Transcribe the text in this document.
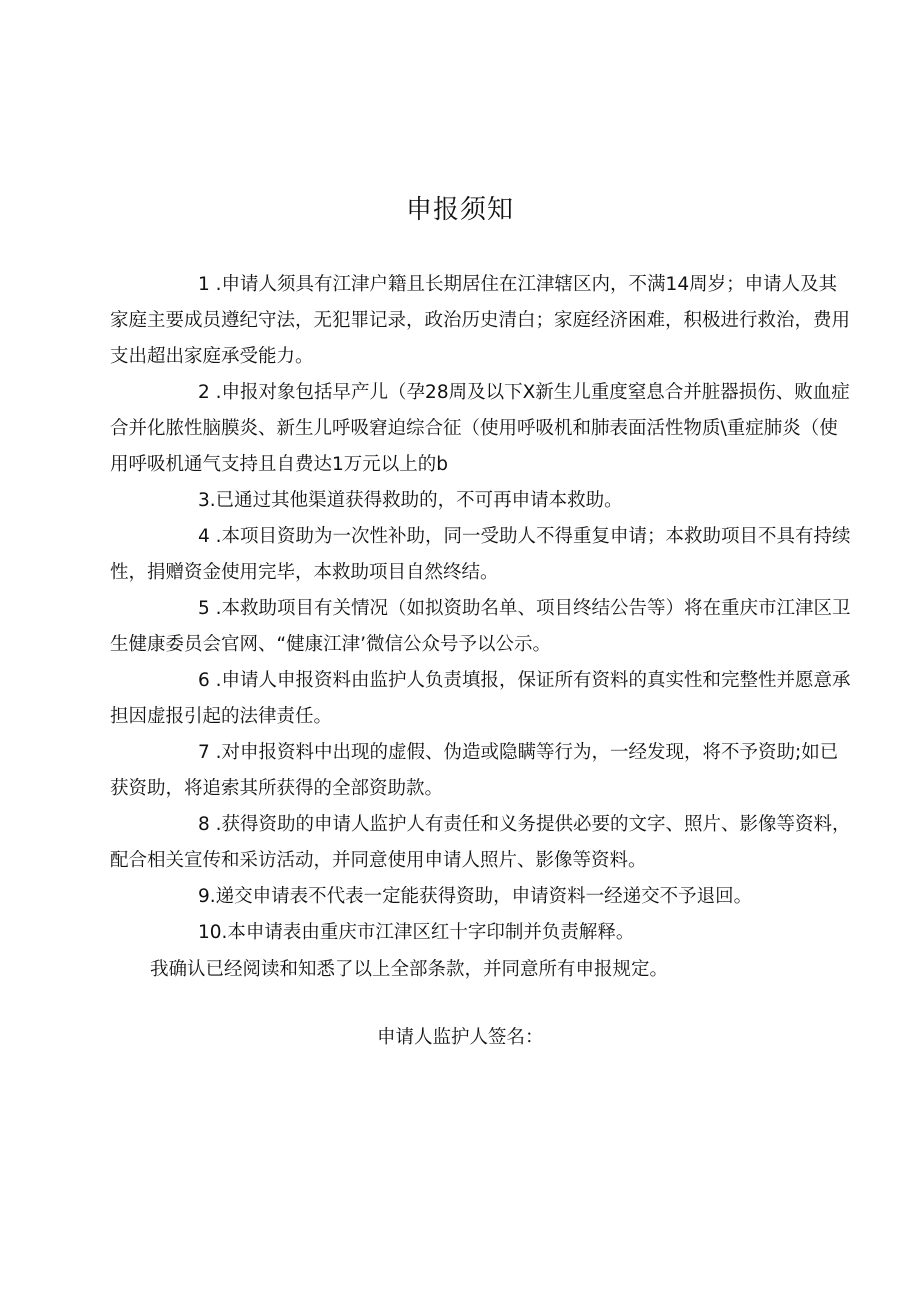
申报须知

1 .申请人须具有江津户籍且长期居住在江津辖区内，不满14周岁；申请人及其家庭主要成员遵纪守法，无犯罪记录，政治历史清白；家庭经济困难，积极进行救治，费用支出超出家庭承受能力。

2 .申报对象包括早产儿（孕28周及以下X新生儿重度窒息合并脏器损伤、败血症合并化脓性脑膜炎、新生儿呼吸窘迫综合征（使用呼吸机和肺表面活性物质\重症肺炎（使用呼吸机通气支持且自费达1万元以上的b

3.已通过其他渠道获得救助的，不可再申请本救助。

4 .本项目资助为一次性补助，同一受助人不得重复申请；本救助项目不具有持续性，捐赠资金使用完毕，本救助项目自然终结。

5 .本救助项目有关情况（如拟资助名单、项目终结公告等）将在重庆市江津区卫生健康委员会官网、“健康江津’微信公众号予以公示。

6 .申请人申报资料由监护人负责填报，保证所有资料的真实性和完整性并愿意承担因虚报引起的法律责任。

7 .对申报资料中出现的虚假、伪造或隐瞒等行为，一经发现，将不予资助;如已获资助，将追索其所获得的全部资助款。

8 .获得资助的申请人监护人有责任和义务提供必要的文字、照片、影像等资料，配合相关宣传和采访活动，并同意使用申请人照片、影像等资料。

9.递交申请表不代表一定能获得资助，申请资料一经递交不予退回。

10.本申请表由重庆市江津区红十字印制并负责解释。

我确认已经阅读和知悉了以上全部条款，并同意所有申报规定。

申请人监护人签名：
